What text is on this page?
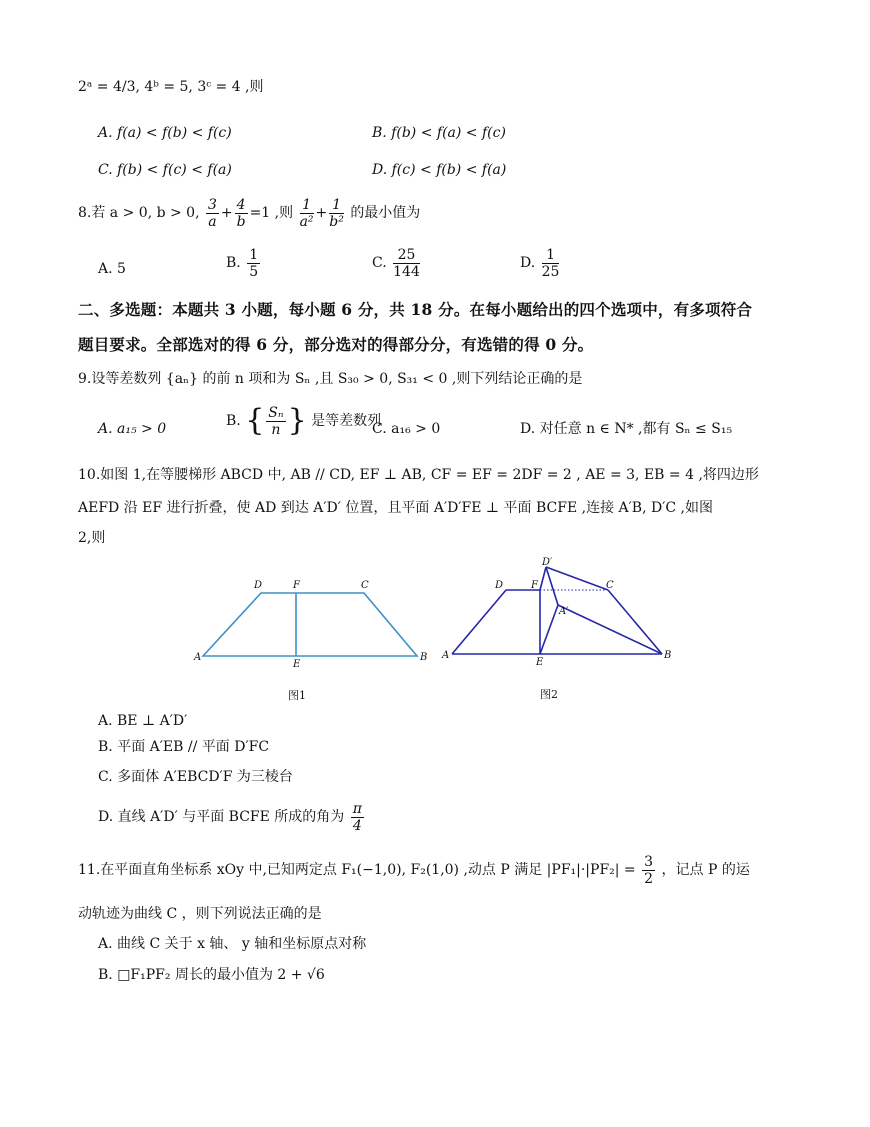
2ᵃ = 4/3, 4ᵇ = 5, 3ᶜ = 4 ,则
A. f(a) < f(b) < f(c)	B. f(b) < f(a) < f(c)
C. f(b) < f(c) < f(a)	D. f(c) < f(b) < f(a)
8.若 a > 0, b > 0, $\frac{3}{a} + \frac{4}{b} =1$ ,则 $\frac{1}{\text{a²}} + \frac{1}{\text{b²}}$ 的最小值为
A. 5	B. $\frac{1}{5}$	C. $\frac{25}{144}$	D. $\frac{1}{25}$
二、多选题：本题共 3 小题，每小题 6 分，共 18 分。在每小题给出的四个选项中，有多项符合
题目要求。全部选对的得 6 分，部分选对的得部分分，有选错的得 0 分。
9.设等差数列 {aₙ} 的前 n 项和为 Sₙ ,且 S₃₀ > 0, S₃₁ < 0 ,则下列结论正确的是
A. a₁₅ > 0	B. { $\frac{\text{Sₙ}}{n}$ } 是等差数列
C. a₁₆ > 0	D. 对任意 n ∈ N* ,都有 Sₙ ≤ S₁₅
10.如图 1,在等腰梯形 ABCD 中, AB // CD, EF ⊥ AB, CF = EF = 2DF = 2 , AE = 3, EB = 4 ,将四边形
AEFD 沿 EF 进行折叠，使 AD 到达 A′D′ 位置，且平面 A′D′FE ⊥ 平面 BCFE ,连接 A′B, D′C ,如图
2,则
A	B
C
D
E
F
图1
A	B
C
D
E
F
D′
A′
图2
A. BE ⊥ A′D′
B. 平面 A′EB // 平面 D′FC
C. 多面体 A′EBCD′F 为三棱台
D. 直线 A′D′ 与平面 BCFE 所成的角为 $\frac{\pi}{4}$
11.在平面直角坐标系 xOy 中,已知两定点 F₁(−1,0), F₂(1,0) ,动点 P 满足 $|PF_1|\cdot|PF_2| = \frac{3}{2}$ ，记点 P 的运
动轨迹为曲线 C ，则下列说法正确的是
A. 曲线 C 关于 x 轴、 y 轴和坐标原点对称
B. □F₁PF₂ 周长的最小值为 2 + √6
